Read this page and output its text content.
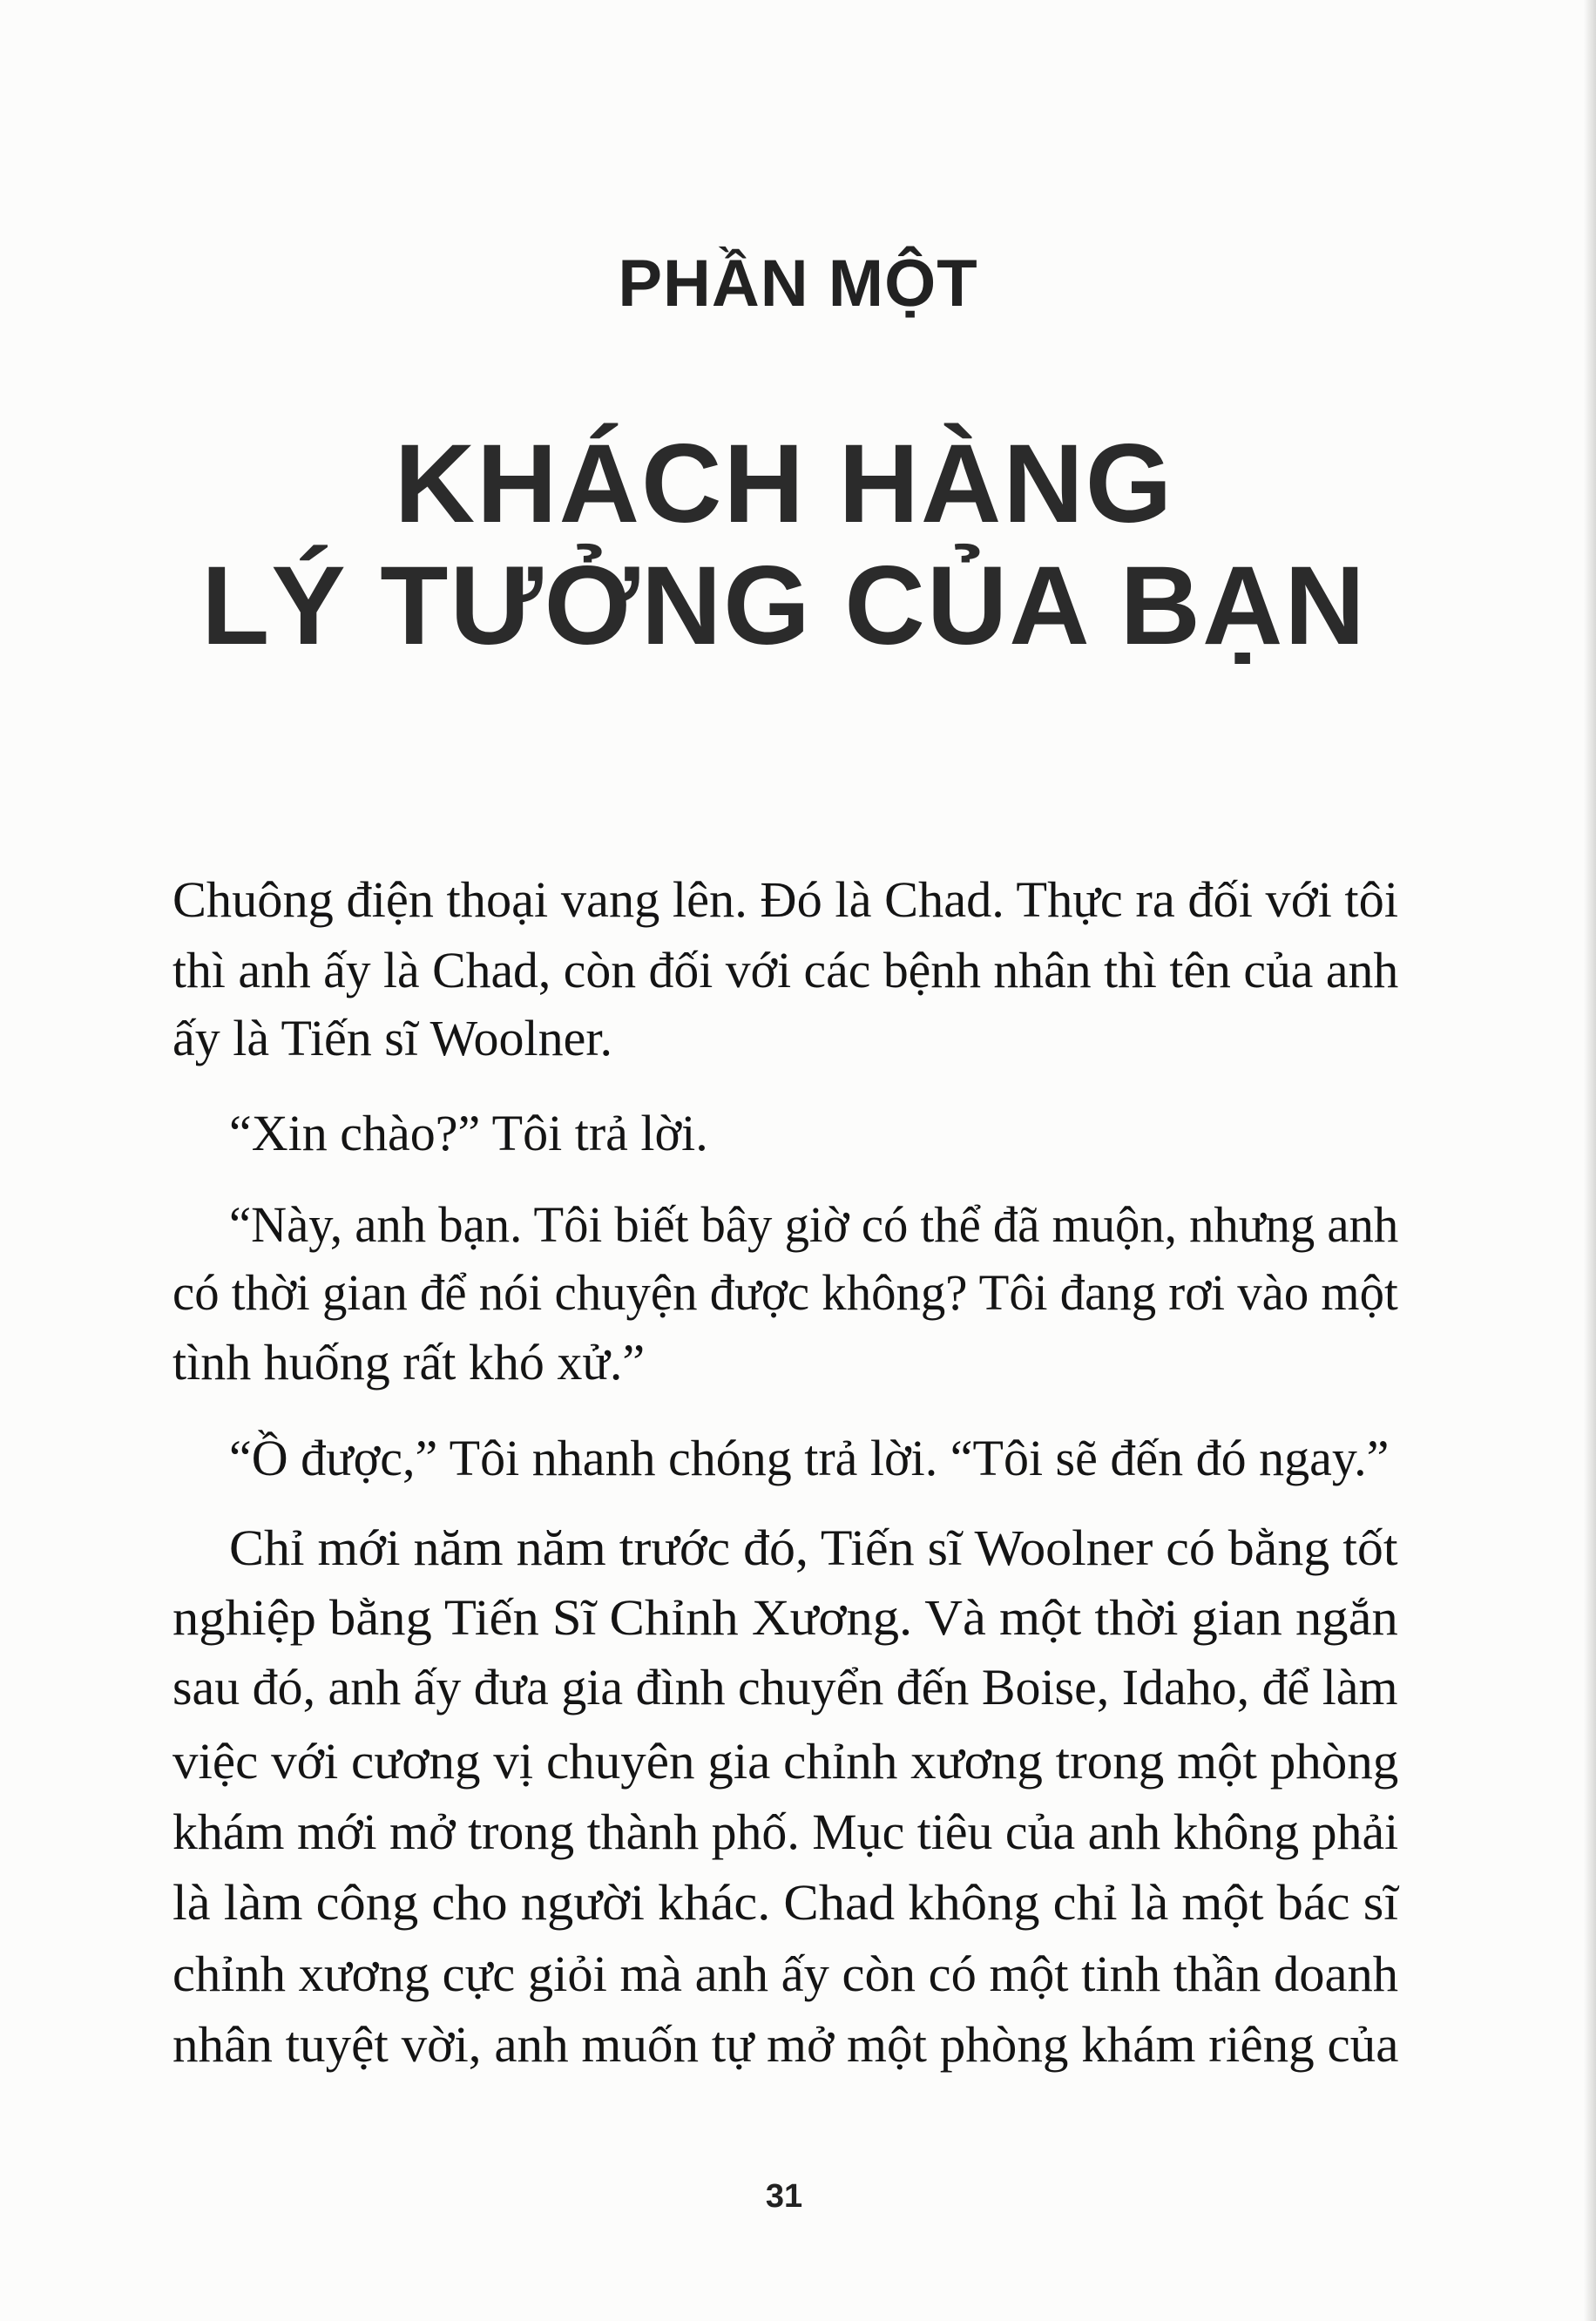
PHẦN MỘT
KHÁCH HÀNG
LÝ TƯỞNG CỦA BẠN
Chuông điện thoại vang lên. Đó là Chad. Thực ra đối với tôi
thì anh ấy là Chad, còn đối với các bệnh nhân thì tên của anh
ấy là Tiến sĩ Woolner.
“Xin chào?” Tôi trả lời.
“Này, anh bạn. Tôi biết bây giờ có thể đã muộn, nhưng anh
có thời gian để nói chuyện được không? Tôi đang rơi vào một
tình huống rất khó xử.”
“Ồ được,” Tôi nhanh chóng trả lời. “Tôi sẽ đến đó ngay.”
Chỉ mới năm năm trước đó, Tiến sĩ Woolner có bằng tốt
nghiệp bằng Tiến Sĩ Chỉnh Xương. Và một thời gian ngắn
sau đó, anh ấy đưa gia đình chuyển đến Boise, Idaho, để làm
việc với cương vị chuyên gia chỉnh xương trong một phòng
khám mới mở trong thành phố. Mục tiêu của anh không phải
là làm công cho người khác. Chad không chỉ là một bác sĩ
chỉnh xương cực giỏi mà anh ấy còn có một tinh thần doanh
nhân tuyệt vời, anh muốn tự mở một phòng khám riêng của
31
